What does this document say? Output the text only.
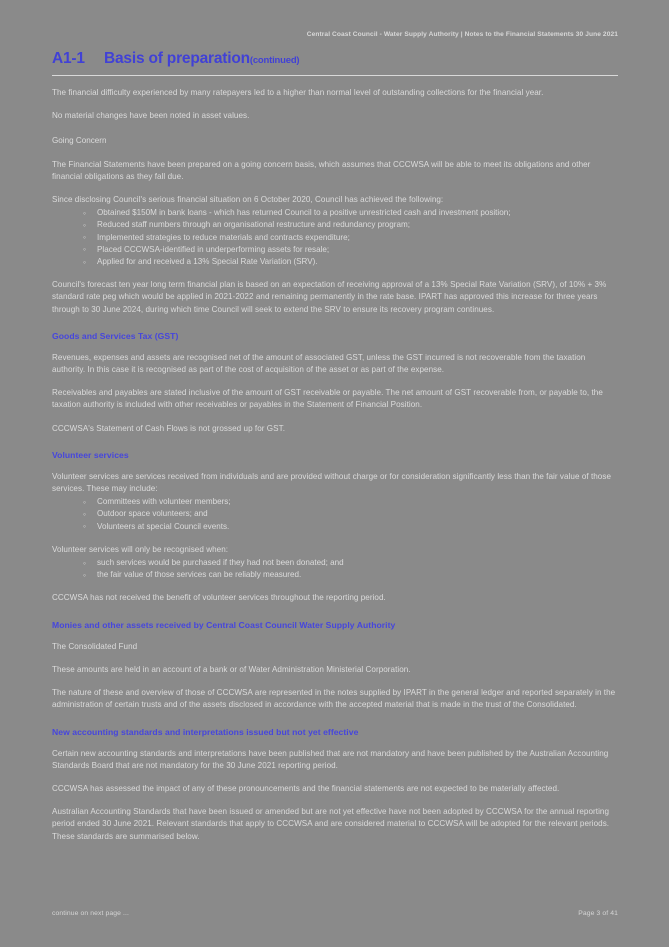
Central Coast Council - Water Supply Authority | Notes to the Financial Statements 30 June 2021
A1-1 Basis of preparation(continued)

The financial difficulty experienced by many ratepayers led to a higher than normal level of outstanding collections for the financial year.

No material changes have been noted in asset values.

Going Concern

The Financial Statements have been prepared on a going concern basis, which assumes that CCCWSA will be able to meet its obligations and other financial obligations as they fall due.

Since disclosing Council's serious financial situation on 6 October 2020, Council has achieved the following:

◦ Obtained $150M in bank loans - which has returned Council to a positive unrestricted cash and investment position;
◦ Reduced staff numbers through an organisational restructure and redundancy program;
◦ Implemented strategies to reduce materials and contracts expenditure;
◦ Placed CCCWSA-identified in underperforming assets for resale;
◦ Applied for and received a 13% Special Rate Variation (SRV).

Council's forecast ten year long term financial plan is based on an expectation of receiving approval of a 13% Special Rate Variation (SRV), of 10% + 3% standard rate peg which would be applied in 2021-2022 and remaining permanently in the rate base. IPART has approved this increase for three years through to 30 June 2024, during which time Council will seek to extend the SRV to ensure its recovery program continues.

Goods and Services Tax (GST)

Revenues, expenses and assets are recognised net of the amount of associated GST, unless the GST incurred is not recoverable from the taxation authority. In this case it is recognised as part of the cost of acquisition of the asset or as part of the expense.

Receivables and payables are stated inclusive of the amount of GST receivable or payable. The net amount of GST recoverable from, or payable to, the taxation authority is included with other receivables or payables in the Statement of Financial Position.

CCCWSA's Statement of Cash Flows is not grossed up for GST.

Volunteer services

Volunteer services are services received from individuals and are provided without charge or for consideration significantly less than the fair value of those services. These may include:

◦ Committees with volunteer members;
◦ Outdoor space volunteers; and
◦ Volunteers at special Council events.

Volunteer services will only be recognised when:

◦ such services would be purchased if they had not been donated; and
◦ the fair value of those services can be reliably measured.

CCCWSA has not received the benefit of volunteer services throughout the reporting period.

Monies and other assets received by Central Coast Council Water Supply Authority

The Consolidated Fund

These amounts are held in an account of a bank or of Water Administration Ministerial Corporation.

The nature of these and overview of those of CCCWSA are represented in the notes supplied by IPART in the general ledger and reported separately in the administration of certain trusts and of the assets disclosed in accordance with the accepted material that is made in the trust of the Consolidated.

New accounting standards and interpretations issued but not yet effective

Certain new accounting standards and interpretations have been published that are not mandatory and have been published by the Australian Accounting Standards Board that are not mandatory for the 30 June 2021 reporting period.

CCCWSA has assessed the impact of any of these pronouncements and the financial statements are not expected to be materially affected.

Australian Accounting Standards that have been issued or amended but are not yet effective have not been adopted by CCCWSA for the annual reporting period ended 30 June 2021. Relevant standards that apply to CCCWSA and are considered material to CCCWSA will be adopted for the relevant periods. These standards are summarised below.

continue on next page ...	Page 3 of 41
